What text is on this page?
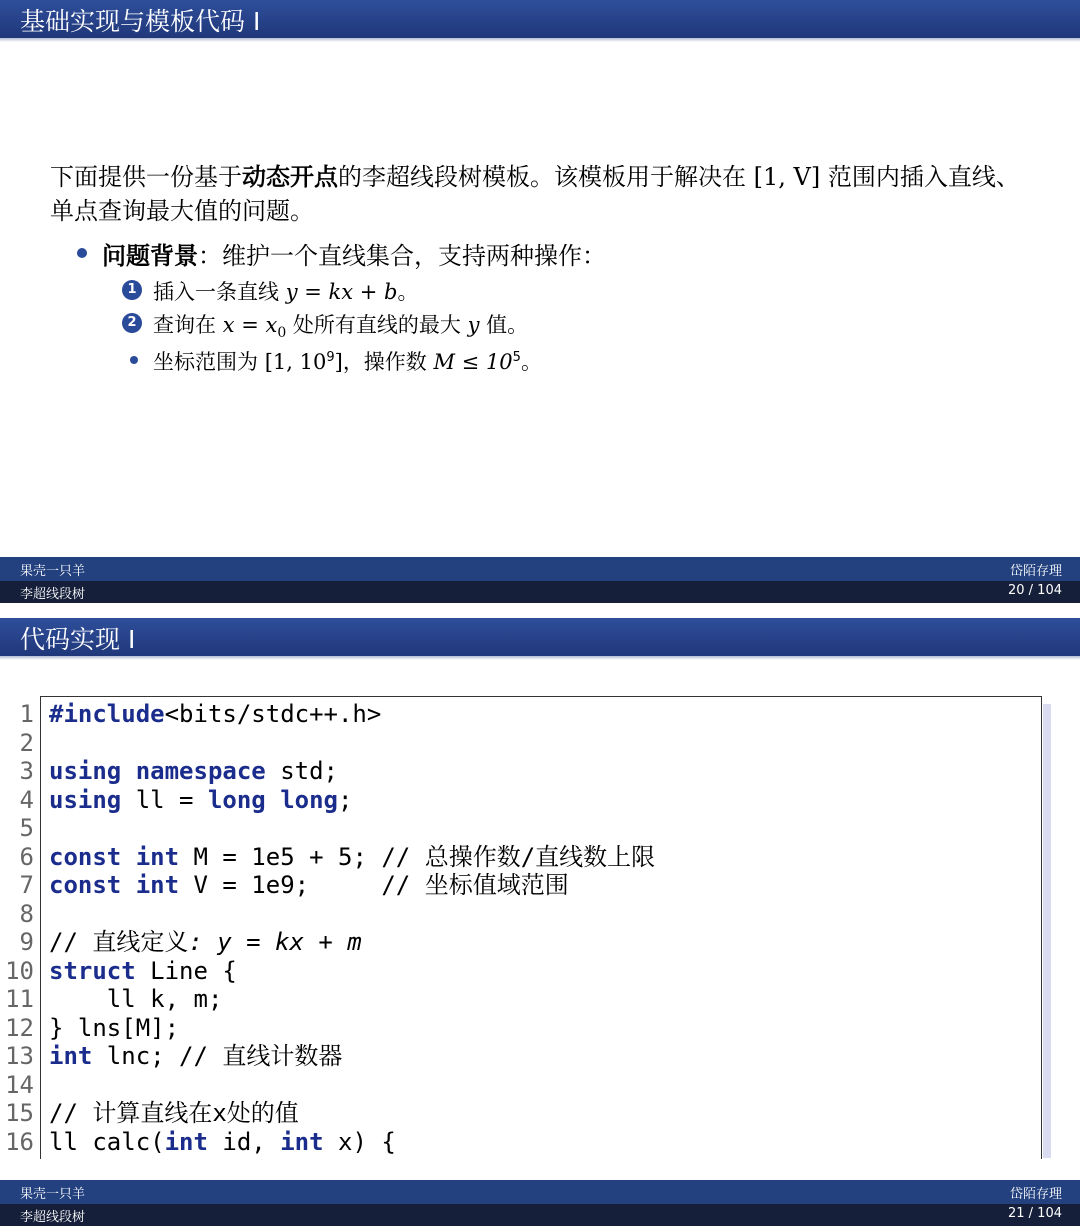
基础实现与模板代码 I
下面提供一份基于动态开点的李超线段树模板。该模板用于解决在 [1, V] 范围内插入直线、单点查询最大值的问题。
问题背景：维护一个直线集合，支持两种操作：
1 插入一条直线 y = kx + b。
2 查询在 $x = x_0$ 处所有直线的最大 y 值。
坐标范围为 [1, $10^9$]，操作数 $M \le 10^5$。
果壳一只羊	岱陌存理
李超线段树	20 / 104
代码实现 I
1
2
3
4
5
6
7
8
9
10
11
12
13
14
15
16
#include<bits/stdc++.h>

using namespace std;
using ll = long long;

const int M = 1e5 + 5; // 总操作数/直线数上限
const int V = 1e9;     // 坐标值域范围

// 直线定义: y = kx + m
struct Line {
ll k, m;
} lns[M];
int lnc; // 直线计数器

// 计算直线在x处的值
ll calc(int id, int x) {
果壳一只羊	岱陌存理
李超线段树	21 / 104
